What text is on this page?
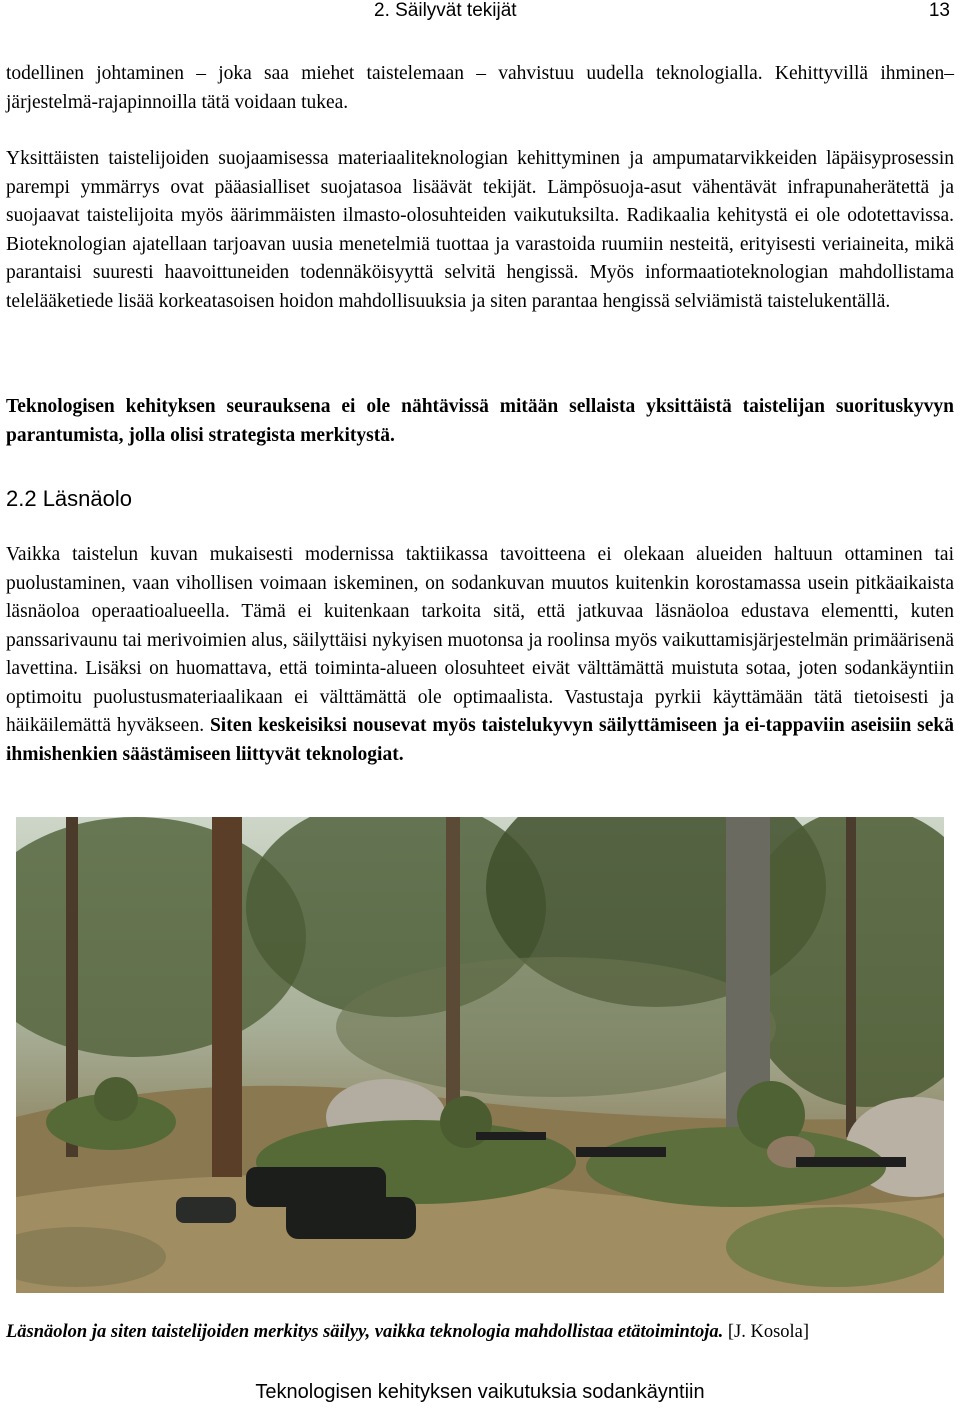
2. Säilyvät tekijät	13

todellinen johtaminen – joka saa miehet taistelemaan – vahvistuu uudella teknologialla. Kehittyvillä ihminen–järjestelmä-rajapinnoilla tätä voidaan tukea.

Yksittäisten taistelijoiden suojaamisessa materiaaliteknologian kehittyminen ja ampumatarvikkeiden läpäisyprosessin parempi ymmärrys ovat pääasialliset suojatasoa lisäävät tekijät. Lämpösuoja-asut vähentävät infrapunaherätettä ja suojaavat taistelijoita myös äärimmäisten ilmasto-olosuhteiden vaikutuksilta. Radikaalia kehitystä ei ole odotettavissa. Bioteknologian ajatellaan tarjoavan uusia menetelmiä tuottaa ja varastoida ruumiin nesteitä, erityisesti veriaineita, mikä parantaisi suuresti haavoittuneiden todennäköisyyttä selvitä hengissä. Myös informaatioteknologian mahdollistama telelääketiede lisää korkeatasoisen hoidon mahdollisuuksia ja siten parantaa hengissä selviämistä taistelukentällä.

Teknologisen kehityksen seurauksena ei ole nähtävissä mitään sellaista yksittäistä taistelijan suorituskyvyn parantumista, jolla olisi strategista merkitystä.

2.2 Läsnäolo

Vaikka taistelun kuvan mukaisesti modernissa taktiikassa tavoitteena ei olekaan alueiden haltuun ottaminen tai puolustaminen, vaan vihollisen voimaan iskeminen, on sodankuvan muutos kuitenkin korostamassa usein pitkäaikaista läsnäoloa operaatioalueella. Tämä ei kuitenkaan tarkoita sitä, että jatkuvaa läsnäoloa edustava elementti, kuten panssarivaunu tai merivoimien alus, säilyttäisi nykyisen muotonsa ja roolinsa myös vaikuttamisjärjestelmän primäärisenä lavettina. Lisäksi on huomattava, että toiminta-alueen olosuhteet eivät välttämättä muistuta sotaa, joten sodankäyntiin optimoitu puolustusmateriaalikaan ei välttämättä ole optimaalista. Vastustaja pyrkii käyttämään tätä tietoisesti ja häikäilemättä hyväkseen. Siten keskeisiksi nousevat myös taistelukyvyn säilyttämiseen ja ei-tappaviin aseisiin sekä ihmishenkien säästämiseen liittyvät teknologiat.

Läsnäolon ja siten taistelijoiden merkitys säilyy, vaikka teknologia mahdollistaa etätoimintoja. [J. Kosola]

Teknologisen kehityksen vaikutuksia sodankäyntiin
